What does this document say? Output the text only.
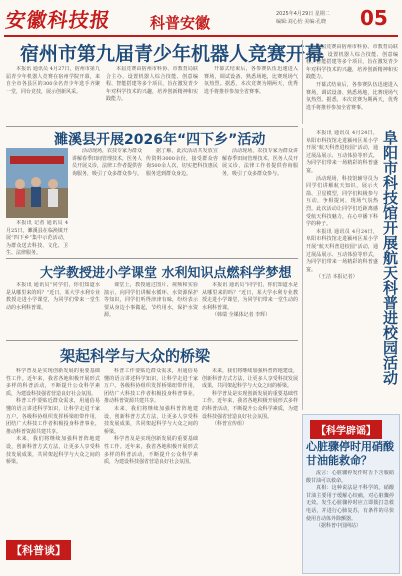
安徽科技报	科普安徽	2025年4月29日 星期二
编辑:刘心怡 美编:孔晓 05
宿州市第九届青少年机器人竞赛开幕

本报讯 通讯员 4月27日，宿州市第九届青少年机器人竞赛在宿州学院开幕，来自全市各县区的300余名青少年选手齐聚一堂，同台竞技，展示创新风采。

本届竞赛由宿州市科协、市教育局联合主办，设置机器人综合技能、创意编程、智能搭建等多个项目，旨在激发青少年对科学技术的兴趣，培养创新精神和实践能力。

开幕式结束后，各参赛队伍迅速进入赛场，调试设备、熟悉场地，比赛现场气氛热烈。据悉，本次竞赛为期两天，优秀选手将推荐参加全省赛事。

本届竞赛由宿州市科协、市教育局联合主办，设置机器人综合技能、创意编程、智能搭建等多个项目，旨在激发青少年对科学技术的兴趣，培养创新精神和实践能力。

开幕式结束后，各参赛队伍迅速进入赛场，调试设备、熟悉场地，比赛现场气氛热烈。据悉，本次竞赛为期两天，优秀选手将推荐参加全省赛事。

濉溪县开展2026年“四下乡”活动

本报讯 记者 通讯员 4月25日，濉溪县在临涣镇开展“四下乡”集中示范活动，为群众送去科技、文化、卫生、法律服务。

活动现场，农技专家为群众讲解春季田间管理技术，医务人员开展义诊，法律工作者提供咨询服务，吸引了众多群众参与。

据了解，此次活动共发放宣传资料3000余份，接受群众咨询500余人次，切实把科技惠民服务送到群众身边。

活动现场，农技专家为群众讲解春季田间管理技术，医务人员开展义诊，法律工作者提供咨询服务，吸引了众多群众参与。

本报讯 通讯员 4月24日，阜阳市科技馆走进颍州区某小学开展“航天科普进校园”活动，通过展品展示、互动体验等形式，为同学们带来一场精彩的科普盛宴。

活动现场，科技馆辅导员为同学们讲解航天知识，展示火箭、卫星模型，同学们积极参与互动，争相提问，现场气氛热烈。此次活动让同学们近距离感受航天科技魅力，在心中播下科学的种子。

本报讯 通讯员 4月24日，阜阳市科技馆走进颍州区某小学开展“航天科普进校园”活动，通过展品展示、互动体验等形式，为同学们带来一场精彩的科普盛宴。

（王洁 本报记者）	阜阳市科技馆开展航天科普进校园活动
大学教授进小学课堂 水利知识点燃科学梦想

本报讯 通讯员“同学们，你们知道水是从哪里来的吗？”近日，某大学水利专业教授走进小学课堂，为同学们带来一堂生动的水利科普课。

课堂上，教授通过图片、视频和实验演示，向同学们讲解水循环、水资源保护等知识，同学们听得津津有味，纷纷表示要从身边小事做起，节约用水，保护水资源。

本报讯 通讯员“同学们，你们知道水是从哪里来的吗？”近日，某大学水利专业教授走进小学课堂，为同学们带来一堂生动的水利科普课。

（韩瑞 全媒体记者 李辉）

架起科学与大众的桥梁

科学普及是实现创新发展的重要基础性工作。近年来，我省各地积极开展形式多样的科普活动，不断提升公众科学素质，为建设科技强省营造良好社会氛围。

科普工作要贴近群众需求，用通俗易懂的语言讲述科学知识，让科学走进千家万户。各级科协组织发挥桥梁纽带作用，团结广大科技工作者积极投身科普事业，推动科普资源共建共享。

未来，我们将继续加强科普阵地建设，创新科普方式方法，让更多人享受科技发展成果，共同架起科学与大众之间的桥梁。

科普工作要贴近群众需求，用通俗易懂的语言讲述科学知识，让科学走进千家万户。各级科协组织发挥桥梁纽带作用，团结广大科技工作者积极投身科普事业，推动科普资源共建共享。

未来，我们将继续加强科普阵地建设，创新科普方式方法，让更多人享受科技发展成果，共同架起科学与大众之间的桥梁。

科学普及是实现创新发展的重要基础性工作。近年来，我省各地积极开展形式多样的科普活动，不断提升公众科学素质，为建设科技强省营造良好社会氛围。

未来，我们将继续加强科普阵地建设，创新科普方式方法，让更多人享受科技发展成果，共同架起科学与大众之间的桥梁。

科学普及是实现创新发展的重要基础性工作。近年来，我省各地积极开展形式多样的科普活动，不断提升公众科学素质，为建设科技强省营造良好社会氛围。

（科普宣传组）

【科普谈】
【科学辟谣】
心脏骤停时用硝酸甘油能救命？

流言：心脏骤停发作时舌下含服硝酸甘油可以救命。

真相：这种说法是不科学的。硝酸甘油主要用于缓解心绞痛，对心脏骤停无效。发生心脏骤停时应立即拨打急救电话，并进行心肺复苏，有条件的尽快使用自动体外除颤器。

（据科普中国网站）
